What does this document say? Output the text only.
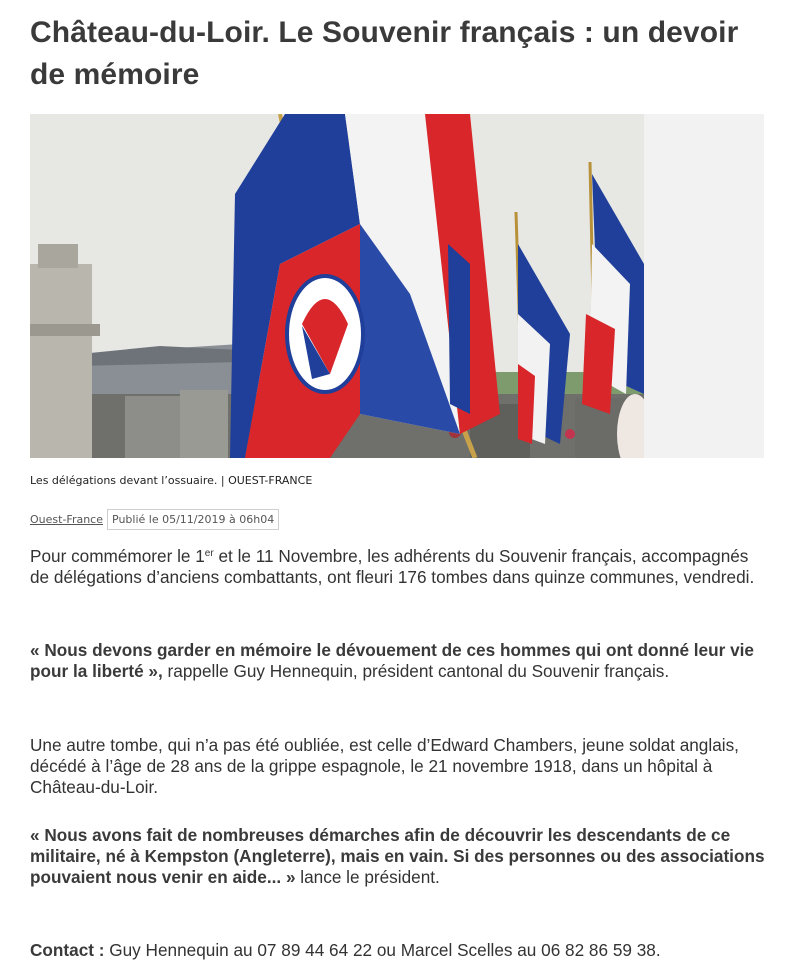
Château-du-Loir. Le Souvenir français : un devoir de mémoire
Les délégations devant l’ossuaire. | OUEST-FRANCE
Ouest-France Publié le 05/11/2019 à 06h04

Pour commémorer le 1er et le 11 Novembre, les adhérents du Souvenir français, accompagnés de délégations d’anciens combattants, ont fleuri 176 tombes dans quinze communes, vendredi.

« Nous devons garder en mémoire le dévouement de ces hommes qui ont donné leur vie pour la liberté », rappelle Guy Hennequin, président cantonal du Souvenir français.

Une autre tombe, qui n’a pas été oubliée, est celle d’Edward Chambers, jeune soldat anglais, décédé à l’âge de 28 ans de la grippe espagnole, le 21 novembre 1918, dans un hôpital à Château-du-Loir.

« Nous avons fait de nombreuses démarches afin de découvrir les descendants de ce militaire, né à Kempston (Angleterre), mais en vain. Si des personnes ou des associations pouvaient nous venir en aide... » lance le président.

Contact : Guy Hennequin au 07 89 44 64 22 ou Marcel Scelles au 06 82 86 59 38.
